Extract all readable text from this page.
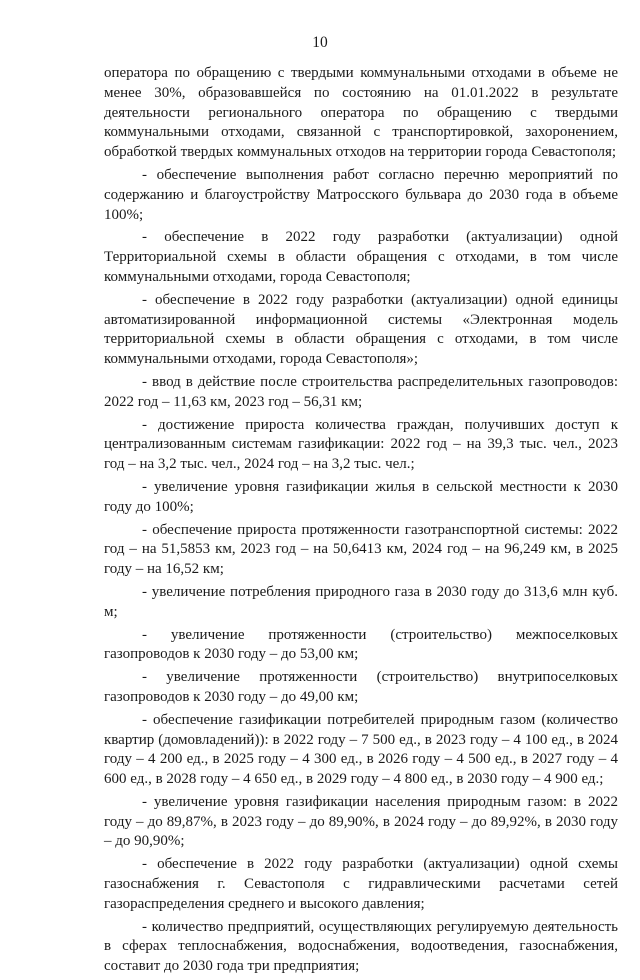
10

оператора по обращению с твердыми коммунальными отходами в объеме не менее 30%, образовавшейся по состоянию на 01.01.2022 в результате деятельности регионального оператора по обращению с твердыми коммунальными отходами, связанной с транспортировкой, захоронением, обработкой твердых коммунальных отходов на территории города Севастополя;

- обеспечение выполнения работ согласно перечню мероприятий по содержанию и благоустройству Матросского бульвара до 2030 года в объеме 100%;

- обеспечение в 2022 году разработки (актуализации) одной Территориальной схемы в области обращения с отходами, в том числе коммунальными отходами, города Севастополя;

- обеспечение в 2022 году разработки (актуализации) одной единицы автоматизированной информационной системы «Электронная модель территориальной схемы в области обращения с отходами, в том числе коммунальными отходами, города Севастополя»;

- ввод в действие после строительства распределительных газопроводов: 2022 год – 11,63 км, 2023 год – 56,31 км;

- достижение прироста количества граждан, получивших доступ к централизованным системам газификации: 2022 год – на 39,3 тыс. чел., 2023 год – на 3,2 тыс. чел., 2024 год – на 3,2 тыс. чел.;

- увеличение уровня газификации жилья в сельской местности к 2030 году до 100%;

- обеспечение прироста протяженности газотранспортной системы: 2022 год – на 51,5853 км, 2023 год – на 50,6413 км, 2024 год – на 96,249 км, в 2025 году – на 16,52 км;

- увеличение потребления природного газа в 2030 году до 313,6 млн куб. м;

- увеличение протяженности (строительство) межпоселковых газопроводов к 2030 году – до 53,00 км;

- увеличение протяженности (строительство) внутрипоселковых газопроводов к 2030 году – до 49,00 км;

- обеспечение газификации потребителей природным газом (количество квартир (домовладений)): в 2022 году – 7 500 ед., в 2023 году – 4 100 ед., в 2024 году – 4 200 ед., в 2025 году – 4 300 ед., в 2026 году – 4 500 ед., в 2027 году – 4 600 ед., в 2028 году – 4 650 ед., в 2029 году – 4 800 ед., в 2030 году – 4 900 ед.;

- увеличение уровня газификации населения природным газом: в 2022 году – до 89,87%, в 2023 году – до 89,90%, в 2024 году – до 89,92%, в 2030 году – до 90,90%;

- обеспечение в 2022 году разработки (актуализации) одной схемы газоснабжения г. Севастополя с гидравлическими расчетами сетей газораспределения среднего и высокого давления;

- количество предприятий, осуществляющих регулируемую деятельность в сферах теплоснабжения, водоснабжения, водоотведения, газоснабжения, составит до 2030 года три предприятия;
